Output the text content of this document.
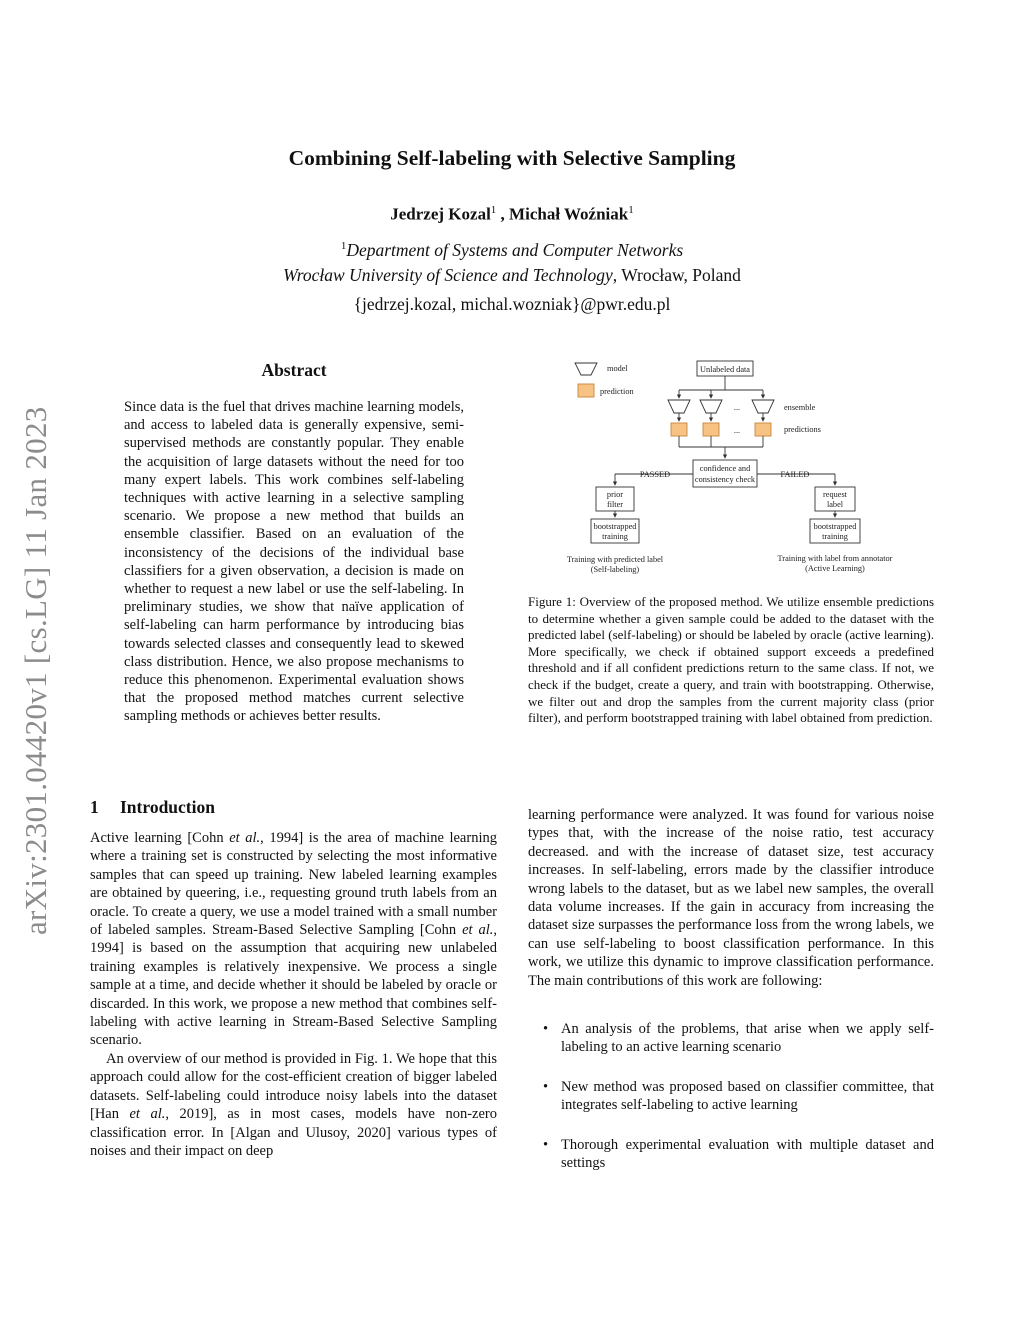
arXiv:2301.04420v1 [cs.LG] 11 Jan 2023
Combining Self-labeling with Selective Sampling
Jedrzej Kozal$^1$ , Michał Woźniak$^1$
$^1$Department of Systems and Computer Networks
Wrocław University of Science and Technology, Wrocław, Poland
{jedrzej.kozal, michal.wozniak}@pwr.edu.pl
Abstract
Since data is the fuel that drives machine learning models, and access to labeled data is generally expensive, semi-supervised methods are constantly popular. They enable the acquisition of large datasets without the need for too many expert labels. This work combines self-labeling techniques with active learning in a selective sampling scenario. We propose a new method that builds an ensemble classifier. Based on an evaluation of the inconsistency of the decisions of the individual base classifiers for a given observation, a decision is made on whether to request a new label or use the self-labeling. In preliminary studies, we show that naïve application of self-labeling can harm performance by introducing bias towards selected classes and consequently lead to skewed class distribution. Hence, we also propose mechanisms to reduce this phenomenon. Experimental evaluation shows that the proposed method matches current selective sampling methods or achieves better results.
model
prediction
Unlabeled data
...
...
ensemble
predictions
confidence and
consistency check
PASSED	FAILED
prior
filter
request
label
bootstrapped
training
bootstrapped
training
Training with predicted label
(Self-labeling)
Training with label from annotator
(Active Learning)
Figure 1: Overview of the proposed method. We utilize ensemble predictions to determine whether a given sample could be added to the dataset with the predicted label (self-labeling) or should be labeled by oracle (active learning). More specifically, we check if obtained support exceeds a predefined threshold and if all confident predictions return to the same class. If not, we check if the budget, create a query, and train with bootstrapping. Otherwise, we filter out and drop the samples from the current majority class (prior filter), and perform bootstrapped training with label obtained from prediction.
1 Introduction

Active learning [Cohn et al., 1994] is the area of machine learning where a training set is constructed by selecting the most informative samples that can speed up training. New labeled learning examples are obtained by queering, i.e., requesting ground truth labels from an oracle. To create a query, we use a model trained with a small number of labeled samples. Stream-Based Selective Sampling [Cohn et al., 1994] is based on the assumption that acquiring new unlabeled training examples is relatively inexpensive. We process a single sample at a time, and decide whether it should be labeled by oracle or discarded. In this work, we propose a new method that combines self-labeling with active learning in Stream-Based Selective Sampling scenario.

An overview of our method is provided in Fig. 1. We hope that this approach could allow for the cost-efficient creation of bigger labeled datasets. Self-labeling could introduce noisy labels into the dataset [Han et al., 2019], as in most cases, models have non-zero classification error. In [Algan and Ulusoy, 2020] various types of noises and their impact on deep

learning performance were analyzed. It was found for various noise types that, with the increase of the noise ratio, test accuracy decreased. and with the increase of dataset size, test accuracy increases. In self-labeling, errors made by the classifier introduce wrong labels to the dataset, but as we label new samples, the overall data volume increases. If the gain in accuracy from increasing the dataset size surpasses the performance loss from the wrong labels, we can use self-labeling to boost classification performance. In this work, we utilize this dynamic to improve classification performance. The main contributions of this work are following:

• An analysis of the problems, that arise when we apply self-labeling to an active learning scenario
• New method was proposed based on classifier committee, that integrates self-labeling to active learning
• Thorough experimental evaluation with multiple dataset and settings
